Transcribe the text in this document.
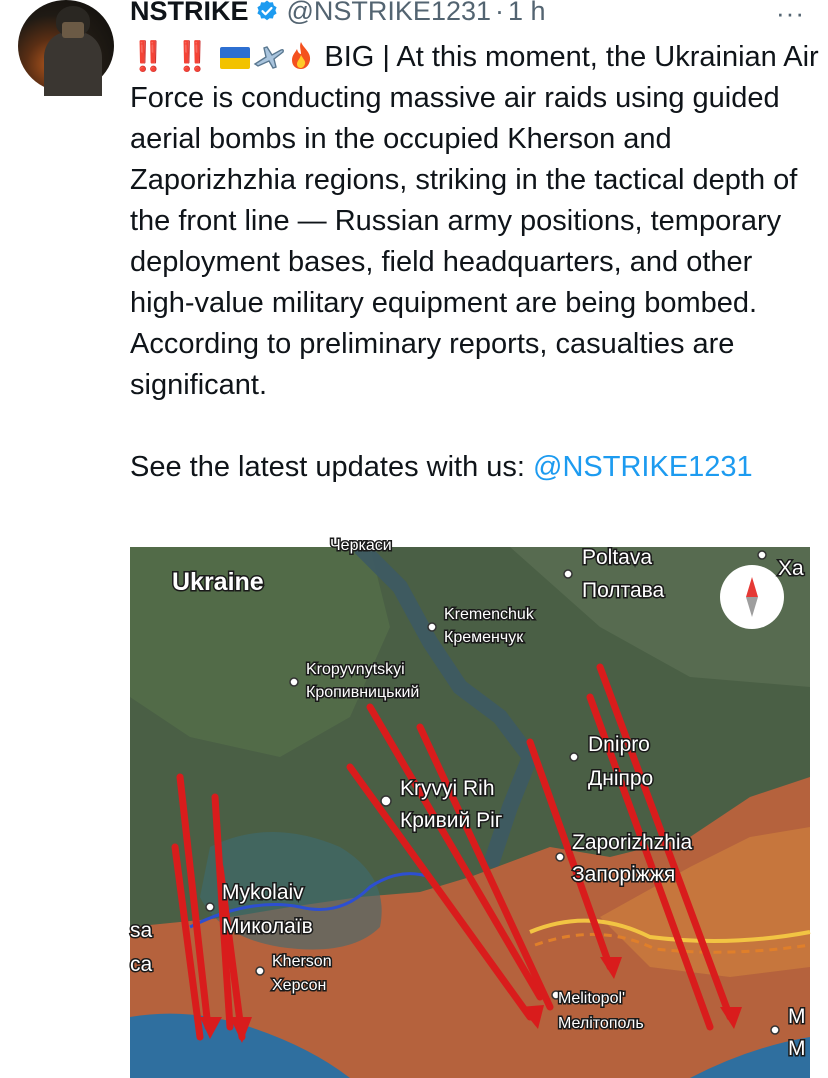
NSTRIKE @NSTRIKE1231 · 1 h	···
‼️ ‼️	BIG | At this moment, the Ukrainian Air Force is conducting massive air raids using guided aerial bombs in the occupied Kherson and Zaporizhzhia regions, striking in the tactical depth of the front line — Russian army positions, temporary deployment bases, field headquarters, and other high-value military equipment are being bombed. According to preliminary reports, casualties are significant.

See the latest updates with us: @NSTRIKE1231
Черкаси
Ukraine
Poltava
Полтава
Xa
Kremenchuk
Кременчук
Kropyvnytskyi
Кропивницький
Dnipro
Дніпро
Kryvyi Rih
Кривий Ріг
Zaporizhzhia
Запоріжжя
Mykolaiv
Миколаїв
Kherson
Херсон
Melitopol'
Мелітополь
sa
ca
M
M
